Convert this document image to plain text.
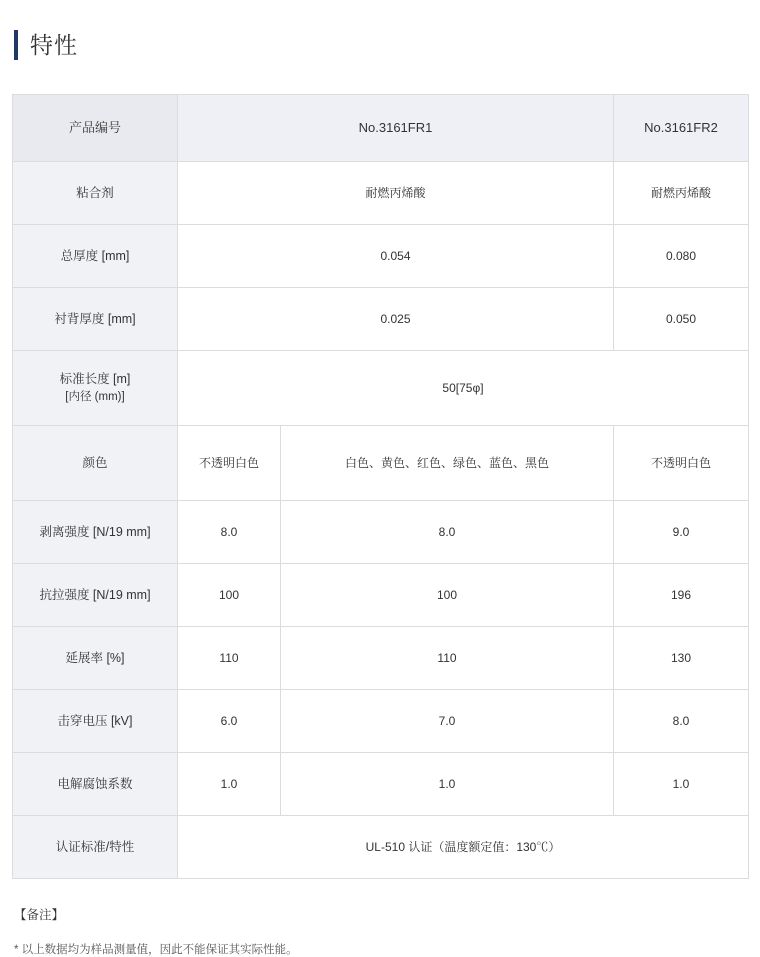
特性
产品编号	No.3161FR1		No.3161FR2
粘合剂	耐燃丙烯酸		耐燃丙烯酸
总厚度 [mm]	0.054		0.080
衬背厚度 [mm]	0.025		0.050
标准长度 [m]
[内径 (mm)]	50[75φ]		
颜色	不透明白色	白色、黄色、红色、绿色、蓝色、黑色	不透明白色
剥离强度 [N/19 mm]	8.0	8.0	9.0
抗拉强度 [N/19 mm]	100	100	196
延展率 [%]	110	110	130
击穿电压 [kV]	6.0	7.0	8.0
电解腐蚀系数	1.0	1.0	1.0
认证标准/特性	UL-510 认证（温度额定值：130℃）		
【备注】
* 以上数据均为样品测量值，因此不能保证其实际性能。
